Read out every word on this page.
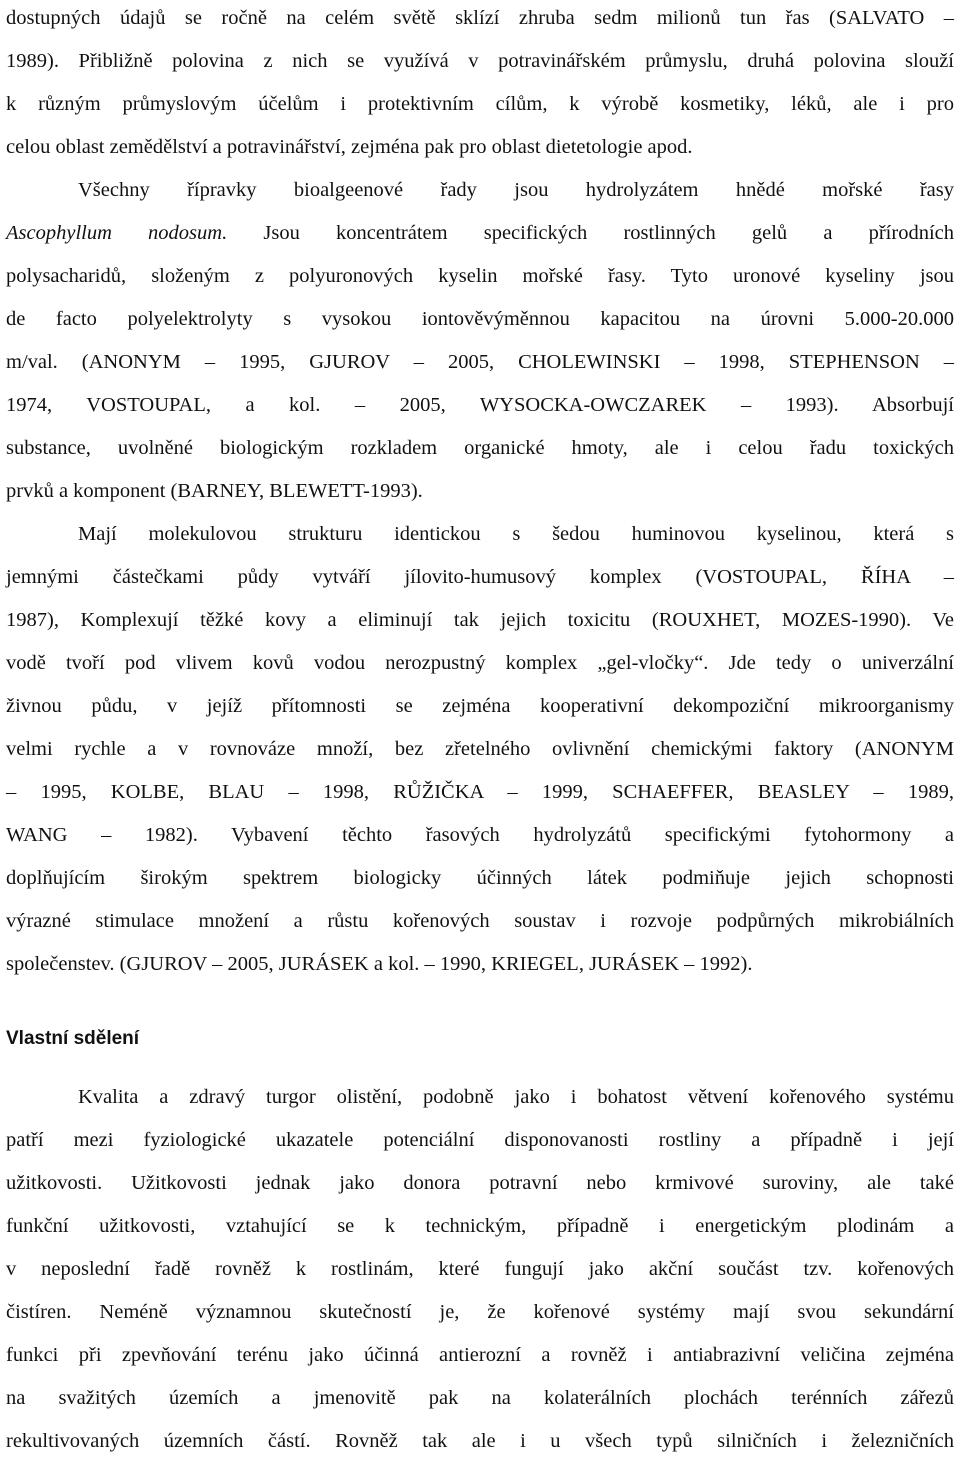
dostupných údajů se ročně na celém světě sklízí zhruba sedm milionů tun řas (SALVATO –
1989). Přibližně polovina z nich se využívá v potravinářském průmyslu, druhá polovina slouží
k různým průmyslovým účelům i protektivním cílům, k výrobě kosmetiky, léků, ale i pro
celou oblast zemědělství a potravinářství, zejména pak pro oblast dietetologie apod.
Všechny řípravky bioalgeenové řady jsou hydrolyzátem hnědé mořské řasy
Ascophyllum nodosum. Jsou koncentrátem specifických rostlinných gelů a přírodních
polysacharidů, složeným z polyuronových kyselin mořské řasy. Tyto uronové kyseliny jsou
de facto polyelektrolyty s vysokou iontověvýměnnou kapacitou na úrovni 5.000-20.000
m/val. (ANONYM – 1995, GJUROV – 2005, CHOLEWINSKI – 1998, STEPHENSON –
1974, VOSTOUPAL, a kol. – 2005, WYSOCKA-OWCZAREK – 1993). Absorbují
substance, uvolněné biologickým rozkladem organické hmoty, ale i celou řadu toxických
prvků a komponent (BARNEY, BLEWETT-1993).
Mají molekulovou strukturu identickou s šedou huminovou kyselinou, která s
jemnými částečkami půdy vytváří jílovito-humusový komplex (VOSTOUPAL, ŘÍHA –
1987), Komplexují těžké kovy a eliminují tak jejich toxicitu (ROUXHET, MOZES-1990). Ve
vodě tvoří pod vlivem kovů vodou nerozpustný komplex „gel-vločky“. Jde tedy o univerzální
živnou půdu, v jejíž přítomnosti se zejména kooperativní dekompoziční mikroorganismy
velmi rychle a v rovnováze množí, bez zřetelného ovlivnění chemickými faktory (ANONYM
– 1995, KOLBE, BLAU – 1998, RŮŽIČKA – 1999, SCHAEFFER, BEASLEY – 1989,
WANG – 1982). Vybavení těchto řasových hydrolyzátů specifickými fytohormony a
doplňujícím širokým spektrem biologicky účinných látek podmiňuje jejich schopnosti
výrazné stimulace množení a růstu kořenových soustav i rozvoje podpůrných mikrobiálních
společenstev. (GJUROV – 2005, JURÁSEK a kol. – 1990, KRIEGEL, JURÁSEK – 1992).
Vlastní sdělení
Kvalita a zdravý turgor olistění, podobně jako i bohatost větvení kořenového systému
patří mezi fyziologické ukazatele potenciální disponovanosti rostliny a případně i její
užitkovosti. Užitkovosti jednak jako donora potravní nebo krmivové suroviny, ale také
funkční užitkovosti, vztahující se k technickým, případně i energetickým plodinám a
v neposlední řadě rovněž k rostlinám, které fungují jako akční součást tzv. kořenových
čistíren. Neméně významnou skutečností je, že kořenové systémy mají svou sekundární
funkci při zpevňování terénu jako účinná antierozní a rovněž i antiabrazivní veličina zejména
na svažitých územích a jmenovitě pak na kolaterálních plochách terénních zářezů
rekultivovaných územních částí. Rovněž tak ale i u všech typů silničních i železničních
